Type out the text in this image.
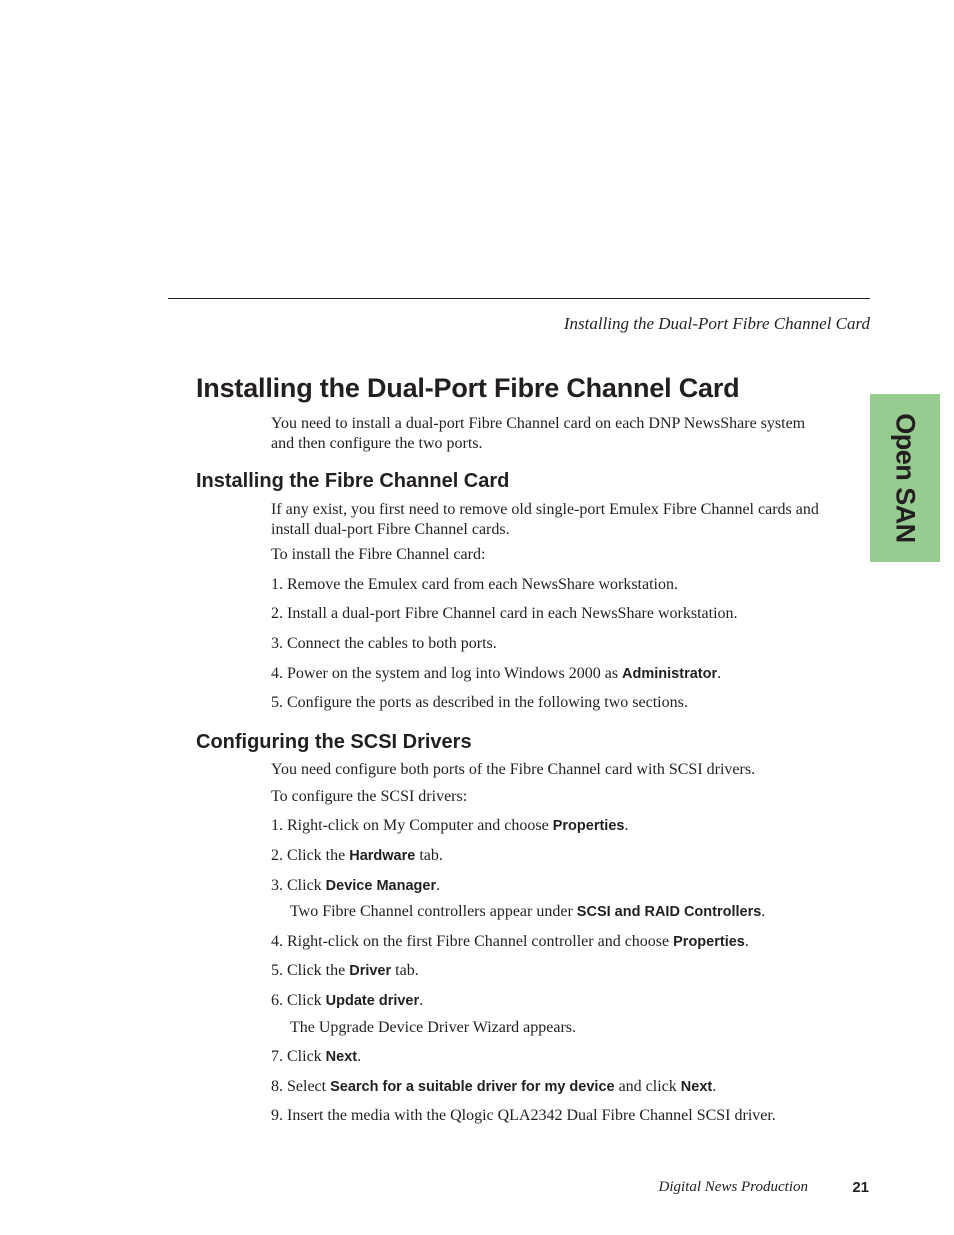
Installing the Dual-Port Fibre Channel Card
Open SAN
Installing the Dual-Port Fibre Channel Card

You need to install a dual-port Fibre Channel card on each DNP NewsShare system and then configure the two ports.

Installing the Fibre Channel Card

If any exist, you first need to remove old single-port Emulex Fibre Channel cards and install dual-port Fibre Channel cards.

To install the Fibre Channel card:

1. Remove the Emulex card from each NewsShare workstation.

2. Install a dual-port Fibre Channel card in each NewsShare workstation.

3. Connect the cables to both ports.

4. Power on the system and log into Windows 2000 as Administrator.

5. Configure the ports as described in the following two sections.

Configuring the SCSI Drivers

You need configure both ports of the Fibre Channel card with SCSI drivers.

To configure the SCSI drivers:

1. Right-click on My Computer and choose Properties.

2. Click the Hardware tab.

3. Click Device Manager.

Two Fibre Channel controllers appear under SCSI and RAID Controllers.

4. Right-click on the first Fibre Channel controller and choose Properties.

5. Click the Driver tab.

6. Click Update driver.

The Upgrade Device Driver Wizard appears.

7. Click Next.

8. Select Search for a suitable driver for my device and click Next.

9. Insert the media with the Qlogic QLA2342 Dual Fibre Channel SCSI driver.

Digital News Production	21
